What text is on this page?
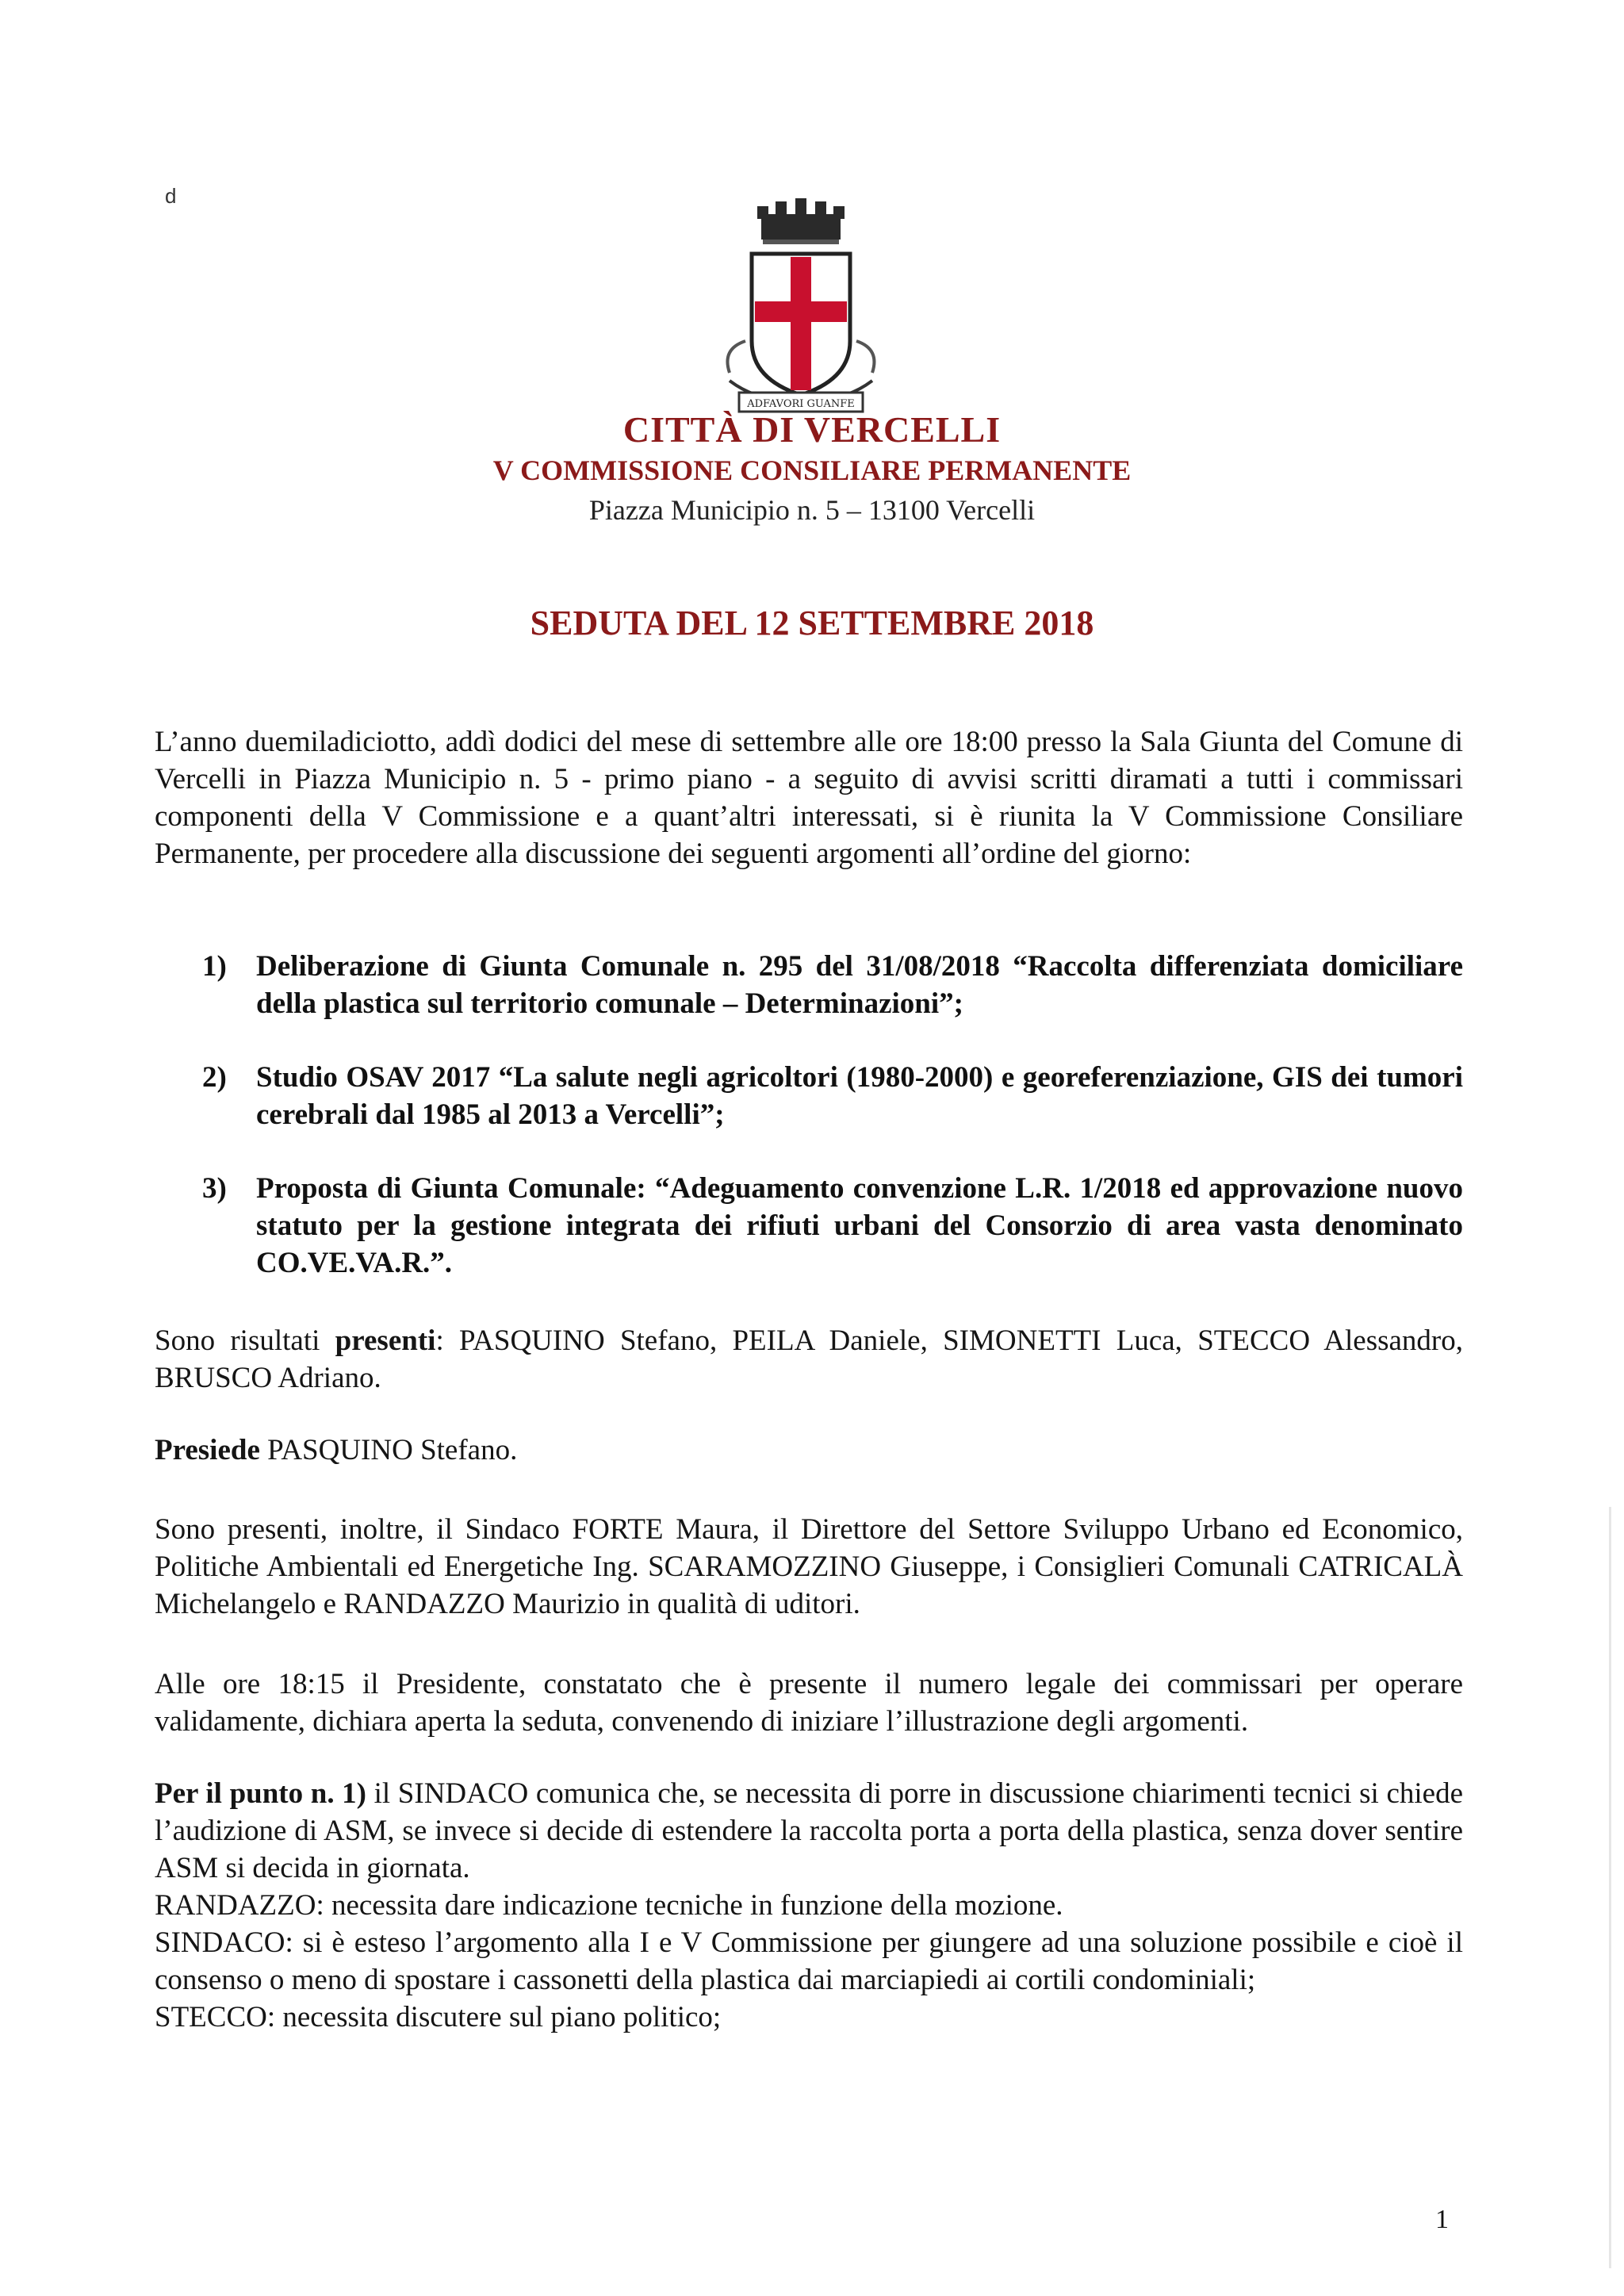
d
ADFAVORI GUANFE
CITTÀ DI VERCELLI
V COMMISSIONE CONSILIARE PERMANENTE
Piazza Municipio n. 5 – 13100 Vercelli
SEDUTA DEL 12 SETTEMBRE 2018
L’anno duemiladiciotto, addì dodici del mese di settembre alle ore 18:00 presso la Sala Giunta del Comune di Vercelli in Piazza Municipio n. 5 - primo piano - a seguito di avvisi scritti diramati a tutti i commissari componenti della V Commissione e a quant’altri interessati, si è riunita la V Commissione Consiliare Permanente, per procedere alla discussione dei seguenti argomenti all’ordine del giorno:
1) Deliberazione di Giunta Comunale n. 295 del 31/08/2018 “Raccolta differenziata domiciliare della plastica sul territorio comunale – Determinazioni”;
2) Studio OSAV 2017 “La salute negli agricoltori (1980-2000) e georeferenziazione, GIS dei tumori cerebrali dal 1985 al 2013 a Vercelli”;
3) Proposta di Giunta Comunale: “Adeguamento convenzione L.R. 1/2018 ed approvazione nuovo statuto per la gestione integrata dei rifiuti urbani del Consorzio di area vasta denominato CO.VE.VA.R.”.
Sono risultati presenti: PASQUINO Stefano, PEILA Daniele, SIMONETTI Luca, STECCO Alessandro, BRUSCO Adriano.
Presiede PASQUINO Stefano.
Sono presenti, inoltre, il Sindaco FORTE Maura, il Direttore del Settore Sviluppo Urbano ed Economico, Politiche Ambientali ed Energetiche Ing. SCARAMOZZINO Giuseppe, i Consiglieri Comunali CATRICALÀ Michelangelo e RANDAZZO Maurizio in qualità di uditori.
Alle ore 18:15 il Presidente, constatato che è presente il numero legale dei commissari per operare validamente, dichiara aperta la seduta, convenendo di iniziare l’illustrazione degli argomenti.
Per il punto n. 1) il SINDACO comunica che, se necessita di porre in discussione chiarimenti tecnici si chiede l’audizione di ASM, se invece si decide di estendere la raccolta porta a porta della plastica, senza dover sentire ASM si decida in giornata.
RANDAZZO: necessita dare indicazione tecniche in funzione della mozione.
SINDACO: si è esteso l’argomento alla I e V Commissione per giungere ad una soluzione possibile e cioè il consenso o meno di spostare i cassonetti della plastica dai marciapiedi ai cortili condominiali;
STECCO: necessita discutere sul piano politico;
1
